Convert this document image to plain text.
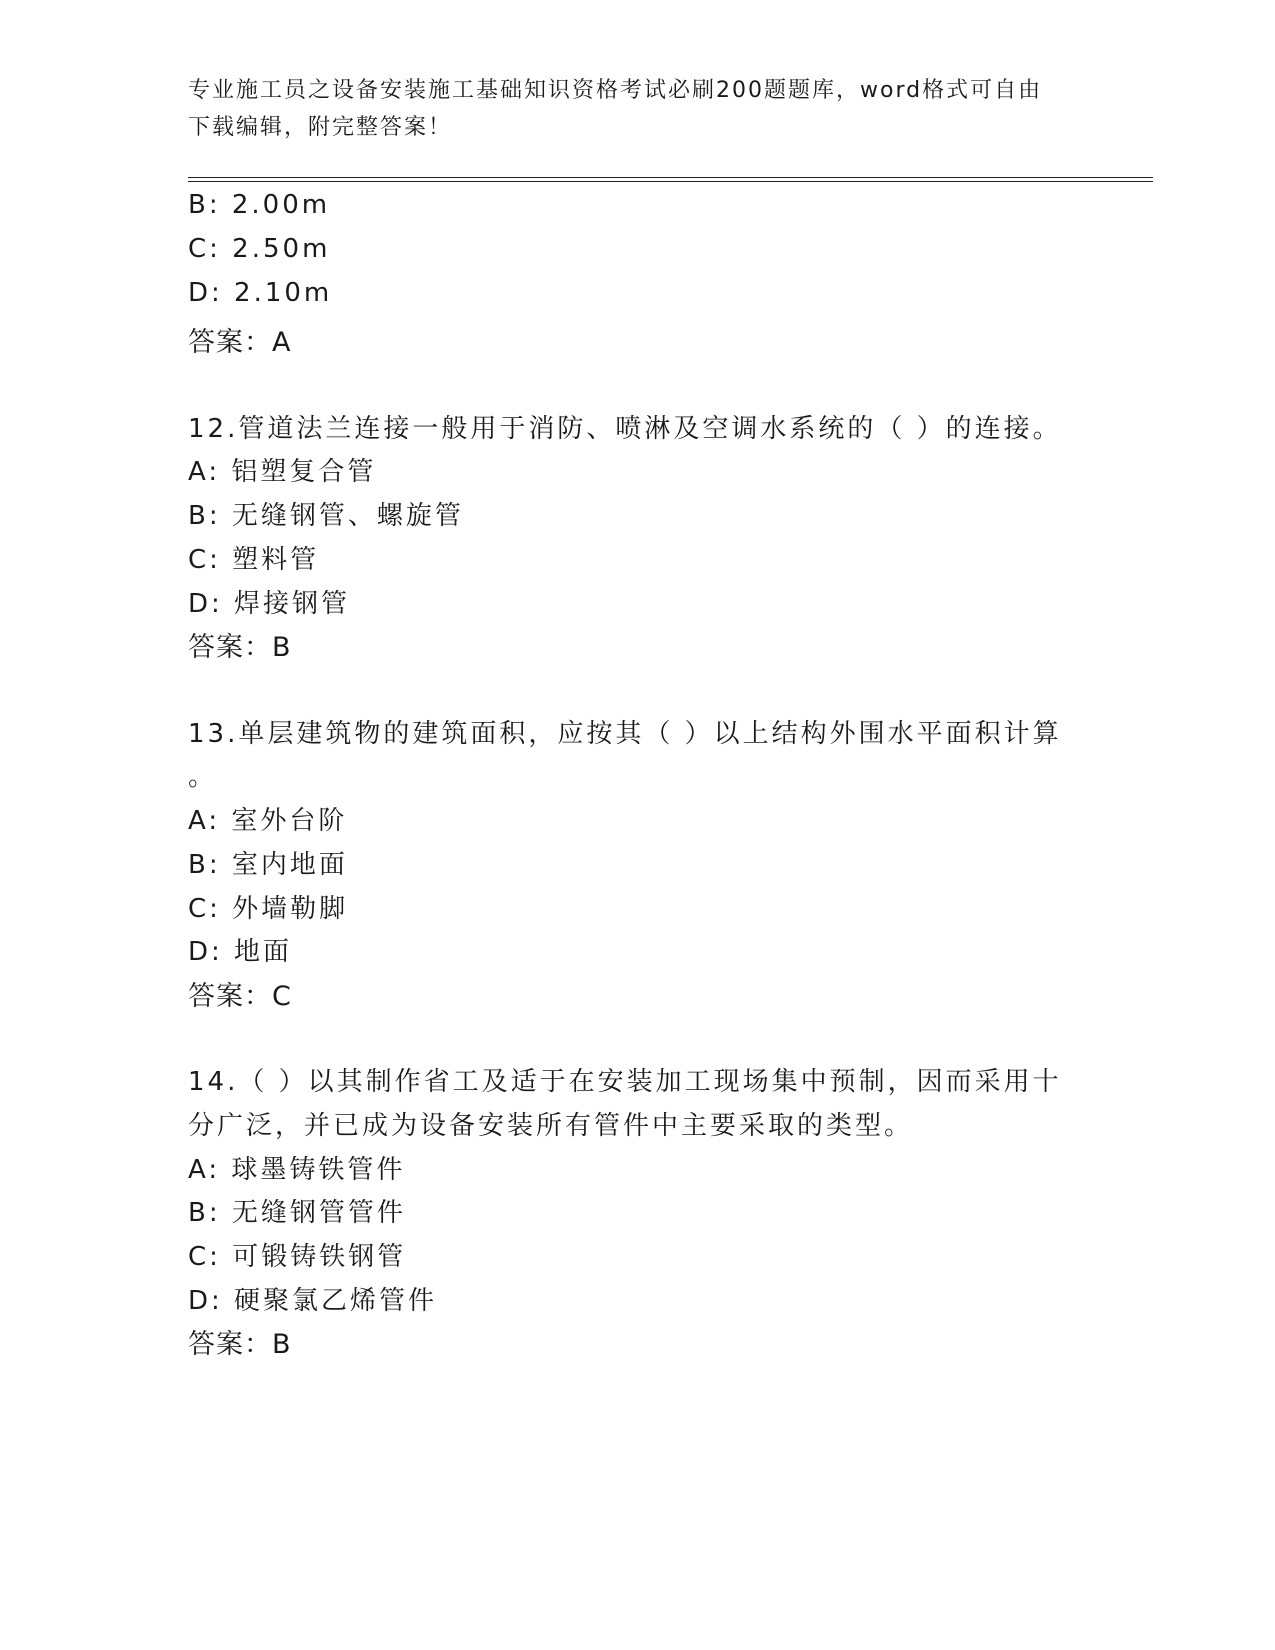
专业施工员之设备安装施工基础知识资格考试必刷200题题库，word格式可自由
下载编辑，附完整答案！
B: 2.00m
C: 2.50m
D: 2.10m
答案：A
12.管道法兰连接一般用于消防、喷淋及空调水系统的（ ）的连接。
A: 铝塑复合管
B: 无缝钢管、螺旋管
C: 塑料管
D: 焊接钢管
答案：B
13.单层建筑物的建筑面积，应按其（ ）以上结构外围水平面积计算
。
A: 室外台阶
B: 室内地面
C: 外墙勒脚
D: 地面
答案：C
14.（ ）以其制作省工及适于在安装加工现场集中预制，因而采用十
分广泛，并已成为设备安装所有管件中主要采取的类型。
A: 球墨铸铁管件
B: 无缝钢管管件
C: 可锻铸铁钢管
D: 硬聚氯乙烯管件
答案：B
